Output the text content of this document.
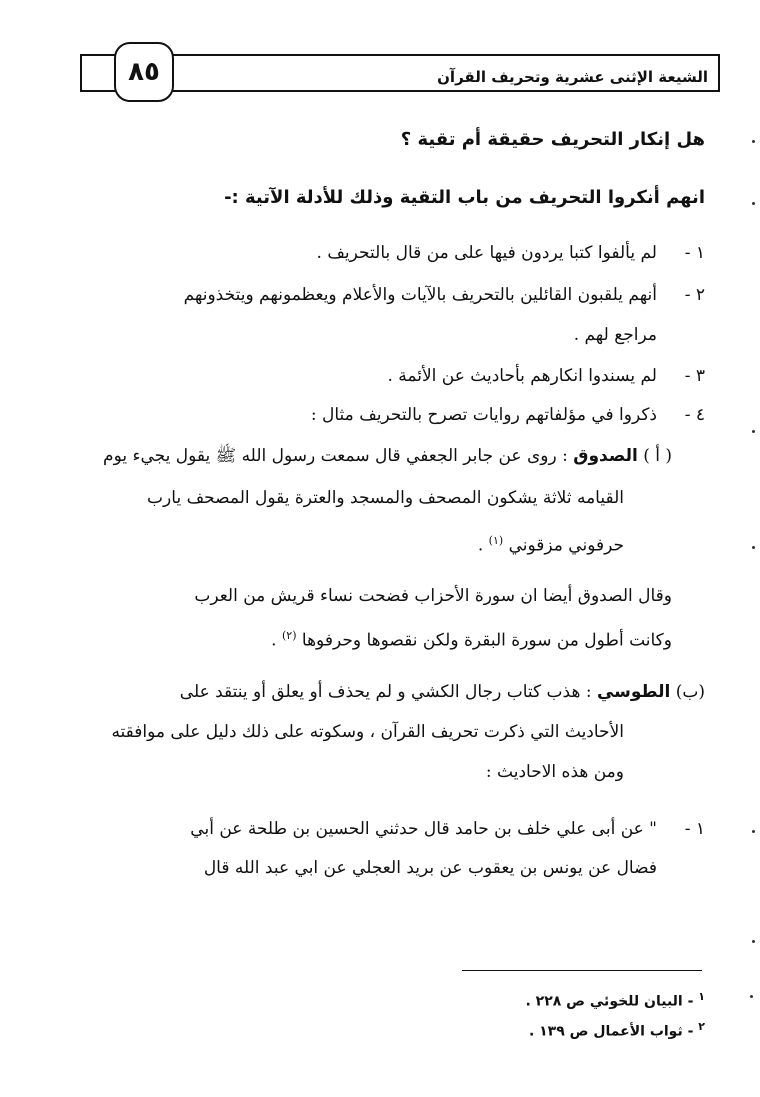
الشيعة الإثنى عشرية وتحريف القرآن
٨٥
هل إنكار التحريف حقيقة أم تقية ؟
انهم أنكروا التحريف من باب التقية وذلك للأدلة الآتية :-
١ -لم يألفوا كتبا يردون فيها على من قال بالتحريف .
٢ -أنهم يلقبون القائلين بالتحريف بالآيات والأعلام ويعظمونهم ويتخذونهم
مراجع لهم .
٣ -لم يسندوا انكارهم بأحاديث عن الأئمة .
٤ -ذكروا في مؤلفاتهم روايات تصرح بالتحريف مثال :
( أ ) الصدوق : روى عن جابر الجعفي قال سمعت رسول الله ﷺ يقول يجيء يوم
القيامه ثلاثة يشكون المصحف والمسجد والعترة يقول المصحف يارب
حرفوني مزقوني $^{(١)}$ .
وقال الصدوق أيضا ان سورة الأحزاب فضحت نساء قريش من العرب
وكانت أطول من سورة البقرة ولكن نقصوها وحرفوها $^{(٢)}$ .
(ب) الطوسي : هذب كتاب رجال الكشي و لم يحذف أو يعلق أو ينتقد على
الأحاديث التي ذكرت تحريف القرآن ، وسكوته على ذلك دليل على موافقته
ومن هذه الاحاديث :
١ -" عن أبى علي خلف بن حامد قال حدثني الحسين بن طلحة عن أبي
فضال عن يونس بن يعقوب عن بريد العجلي عن ابي عبد الله قال
$^١$ - البيان للخوئي ص ٢٢٨ .
$^٢$ - ثواب الأعمال ص ١٣٩ .
